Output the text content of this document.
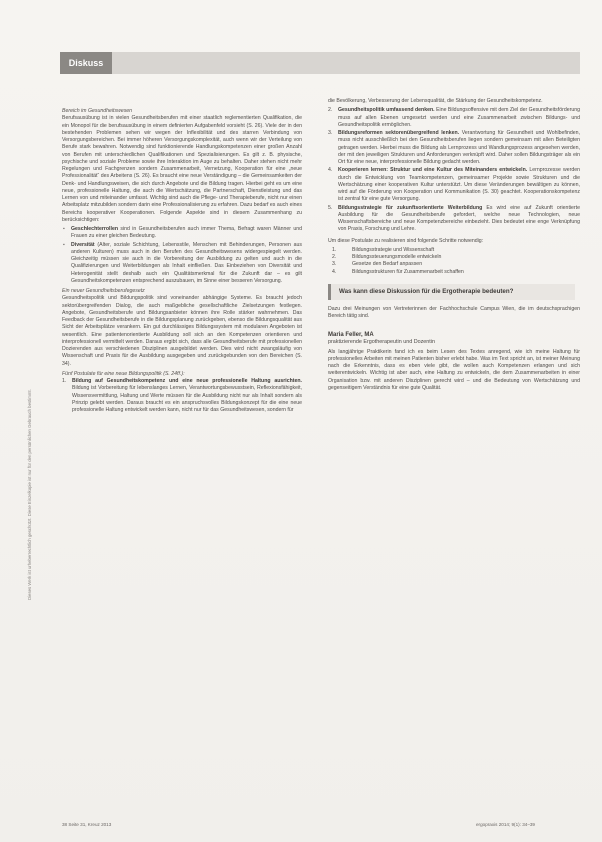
Diskuss
Dieses Werk ist urheberrechtlich geschützt. Diese Einzelkopie ist nur für den persönlichen Gebrauch bestimmt.
Bereich im Gesundheitswesen

Berufsausübung ist in vielen Gesundheitsberufen mit einer staatlich reglementierten Qualifikation, die ein Monopol für die berufsausübung in einem definierten Aufgabenfeld vorsieht (S. 26). Viele der in den bestehenden Problemen sehen wir wegen der Inflexibilität und des starren Verbindung von Versorgungsbereichen. Bei immer höheren Versorgungskomplexität, auch wenn wir der Verteilung von Berufe stark bewahren. Notwendig sind funktionierende Handlungskompetenzen einer großen Anzahl von Berufen mit unterschiedlichen Qualifikationen und Spezialisierungen. Es gilt z. B. physische, psychische und soziale Probleme sowie ihre Interaktion im Auge zu behalten. Daher stehen nicht mehr Regelungen und Fachgrenzen sondern Zusammenarbeit, Vernetzung, Kooperation für eine „neue Professionalität“ des Arbeitens (S. 26). Es braucht eine neue Verständigung – die Gemeinsamkeiten der Denk- und Handlungsweisen, die sich durch Angebote und die Bildung tragen. Hierbei geht es um eine neue, professionelle Haltung, die auch die Wertschätzung, die Partnerschaft, Dienstleistung und das Lernen von und miteinander umfasst. Wichtig sind auch die Pflege- und Therapieberufe, nicht nur einen Arbeitsplatz mitzubilden sondern darin eine Professionalisierung zu erfahren. Dazu bedarf es auch eines Bereichs kooperativer Kooperationen. Folgende Aspekte sind in diesem Zusammenhang zu berücksichtigen:

▪ Geschlechterrollen sind in Gesundheitsberufen auch immer Thema, Befragt waren Männer und Frauen zu einer gleichen Bedeutung.
▪ Diversität (Alter, soziale Schichtung, Lebensstile, Menschen mit Behinderungen, Personen aus anderen Kulturen) muss auch in den Berufen des Gesundheitswesens widergespiegelt werden. Gleichzeitig müssen sie auch in die Vorbereitung der Ausbildung zu gelten und auch in die Qualifizierungen und Weiterbildungen als Inhalt einfließen. Das Einbeziehen von Diversität und Heterogenität stellt deshalb auch ein Qualitätsmerkmal für die Zukunft dar – es gilt Gesundheitskompetenzen entsprechend auszubauen, im Sinne einer besseren Versorgung.
Ein neuer Gesundheitsberufegesetz

Gesundheitspolitik und Bildungspolitik sind voneinander abhängige Systeme. Es braucht jedoch sektorübergreifenden Dialog, die auch maßgebliche gesellschaftliche Zielsetzungen festlegen. Angebote, Gesundheitsberufe und Bildungsanbieter können ihre Rolle stärker wahrnehmen. Das Feedback der Gesundheitsberufe in die Bildungsplanung zurückgeben, ebenso die Bildungsqualität aus Sicht der Arbeitsplätze verankern. Ein gut durchlässiges Bildungssystem mit modularen Angeboten ist wesentlich. Eine patientenorientierte Ausbildung soll sich an den Kompetenzen orientieren und interprofessionell vermittelt werden. Daraus ergibt sich, dass alle Gesundheitsberufe mit professionellen Dozierenden aus verschiedenen Disziplinen ausgebildet werden. Dies wird nicht zwangsläufig von Wissenschaft und Praxis für die Ausbildung ausgegeben und zurückgebunden von den Bereichen (S. 34).

Fünf Postulate für eine neue Bildungspolitik (S. 24ff.):
1. Bildung auf Gesundheitskompetenz und eine neue professionelle Haltung ausrichten. Bildung ist Vorbereitung für lebenslanges Lernen, Verantwortungsbewusstsein, Reflexionsfähigkeit, Wissensvermittlung, Haltung und Werte müssen für die Ausbildung nicht nur als Inhalt sondern als Prinzip gelebt werden. Daraus braucht es ein anspruchsvolles Bildungskonzept für die eine neue professionelle Haltung entwickelt werden kann, nicht nur für das Gesundheitswesen, sondern für

die Bevölkerung, Verbesserung der Lebensqualität, die Stärkung der Gesundheitskompetenz.

2. Gesundheitspolitik umfassend denken. Eine Bildungsoffensive mit dem Ziel der Gesundheitsförderung muss auf allen Ebenen umgesetzt werden und eine Zusammenarbeit zwischen Bildungs- und Gesundheitspolitik ermöglichen.
3. Bildungsreformen sektorenübergreifend lenken. Verantwortung für Gesundheit und Wohlbefinden, muss nicht ausschließlich bei den Gesundheitsberufen liegen sondern gemeinsam mit allen Beteiligten getragen werden. Hierbei muss die Bildung als Lernprozess und Wandlungsprozess angesehen werden, der mit den jeweiligen Strukturen und Anforderungen verknüpft wird. Daher sollen Bildungsträger als ein Ort für eine neue, interprofessionelle Bildung gedacht werden.
4. Kooperieren lernen: Struktur und eine Kultur des Miteinanders entwickeln. Lernprozesse werden durch die Entwicklung von Teamkompetenzen, gemeinsamer Projekte sowie Strukturen und die Wertschätzung einer kooperativen Kultur unterstützt. Um diese Veränderungen bewältigen zu können, wird auf die Förderung von Kooperation und Kommunikation (S. 30) geachtet. Kooperationskompetenz ist zentral für eine gute Versorgung.
5. Bildungsstrategie für zukunftsorientierte Weiterbildung Es wird eine auf Zukunft orientierte Ausbildung für die Gesundheitsberufe gefordert, welche neue Technologien, neue Wissenschaftsbereiche und neue Kompetenzbereiche einbezieht. Dies bedeutet eine enge Verknüpfung von Praxis, Forschung und Lehre.

Um diese Postulate zu realisieren sind folgende Schritte notwendig:

1.	Bildungsstrategie und Wissenschaft
2.	Bildungssteuerungsmodelle entwickeln
3.	Gesetze den Bedarf anpassen
4.	Bildungsstrukturen für Zusammenarbeit schaffen
Was kann diese Diskussion für die Ergotherapie bedeuten?

Dazu drei Meinungen von Vertreterinnen der Fachhochschule Campus Wien, die im deutschsprachigen Bereich tätig sind.

Maria Feller, MA
praktizierende Ergotherapeutin und Dozentin

Als langjährige Praktikerin fand ich es beim Lesen des Textes anregend, wie ich meine Haltung für professionelles Arbeiten mit meinen Patienten bisher erlebt habe. Was im Text spricht an, ist meiner Meinung nach die Erkenntnis, dass es eben viele gibt, die wollen auch Kompetenzen erlangen und sich weiterentwickeln. Wichtig ist aber auch, eine Haltung zu entwickeln, die dem Zusammenarbeiten in einer Organisation bzw. mit anderen Disziplinen gerecht wird – und die Bedeutung von Wertschätzung und gegenseitigem Verständnis für eine gute Qualität.

38 Seite 31, Kreuz 2013	ergopraxis 2014; 9(1): 34–39
